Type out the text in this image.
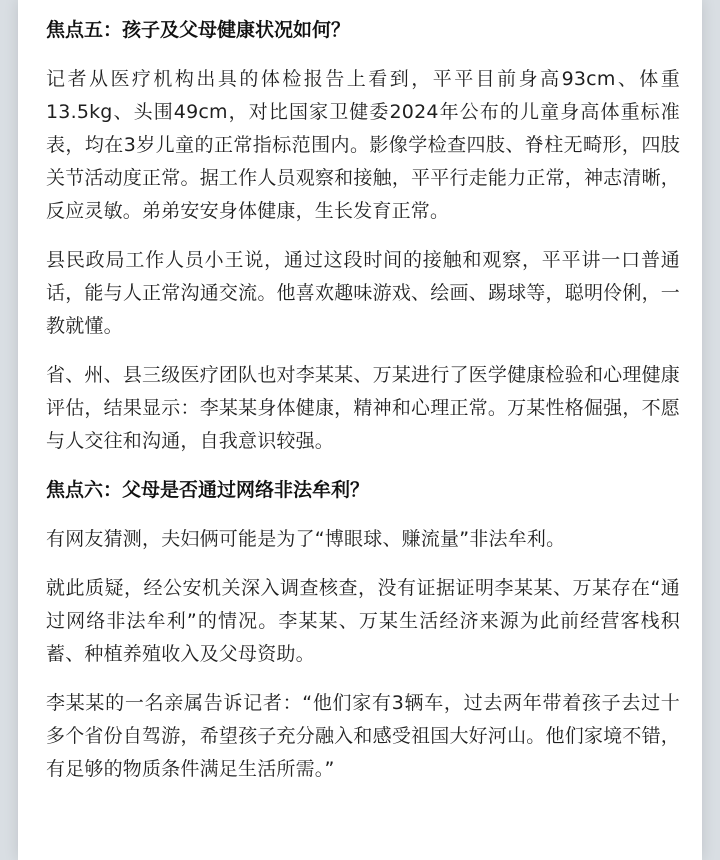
焦点五：孩子及父母健康状况如何？
记者从医疗机构出具的体检报告上看到，平平目前身高93cm、体重13.5kg、头围49cm，对比国家卫健委2024年公布的儿童身高体重标准表，均在3岁儿童的正常指标范围内。影像学检查四肢、脊柱无畸形，四肢关节活动度正常。据工作人员观察和接触，平平行走能力正常，神志清晰，反应灵敏。弟弟安安身体健康，生长发育正常。
县民政局工作人员小王说，通过这段时间的接触和观察，平平讲一口普通话，能与人正常沟通交流。他喜欢趣味游戏、绘画、踢球等，聪明伶俐，一教就懂。
省、州、县三级医疗团队也对李某某、万某进行了医学健康检验和心理健康评估，结果显示：李某某身体健康，精神和心理正常。万某性格倔强，不愿与人交往和沟通，自我意识较强。
焦点六：父母是否通过网络非法牟利？
有网友猜测，夫妇俩可能是为了“博眼球、赚流量”非法牟利。
就此质疑，经公安机关深入调查核查，没有证据证明李某某、万某存在“通过网络非法牟利”的情况。李某某、万某生活经济来源为此前经营客栈积蓄、种植养殖收入及父母资助。
李某某的一名亲属告诉记者：“他们家有3辆车，过去两年带着孩子去过十多个省份自驾游，希望孩子充分融入和感受祖国大好河山。他们家境不错，有足够的物质条件满足生活所需。”
